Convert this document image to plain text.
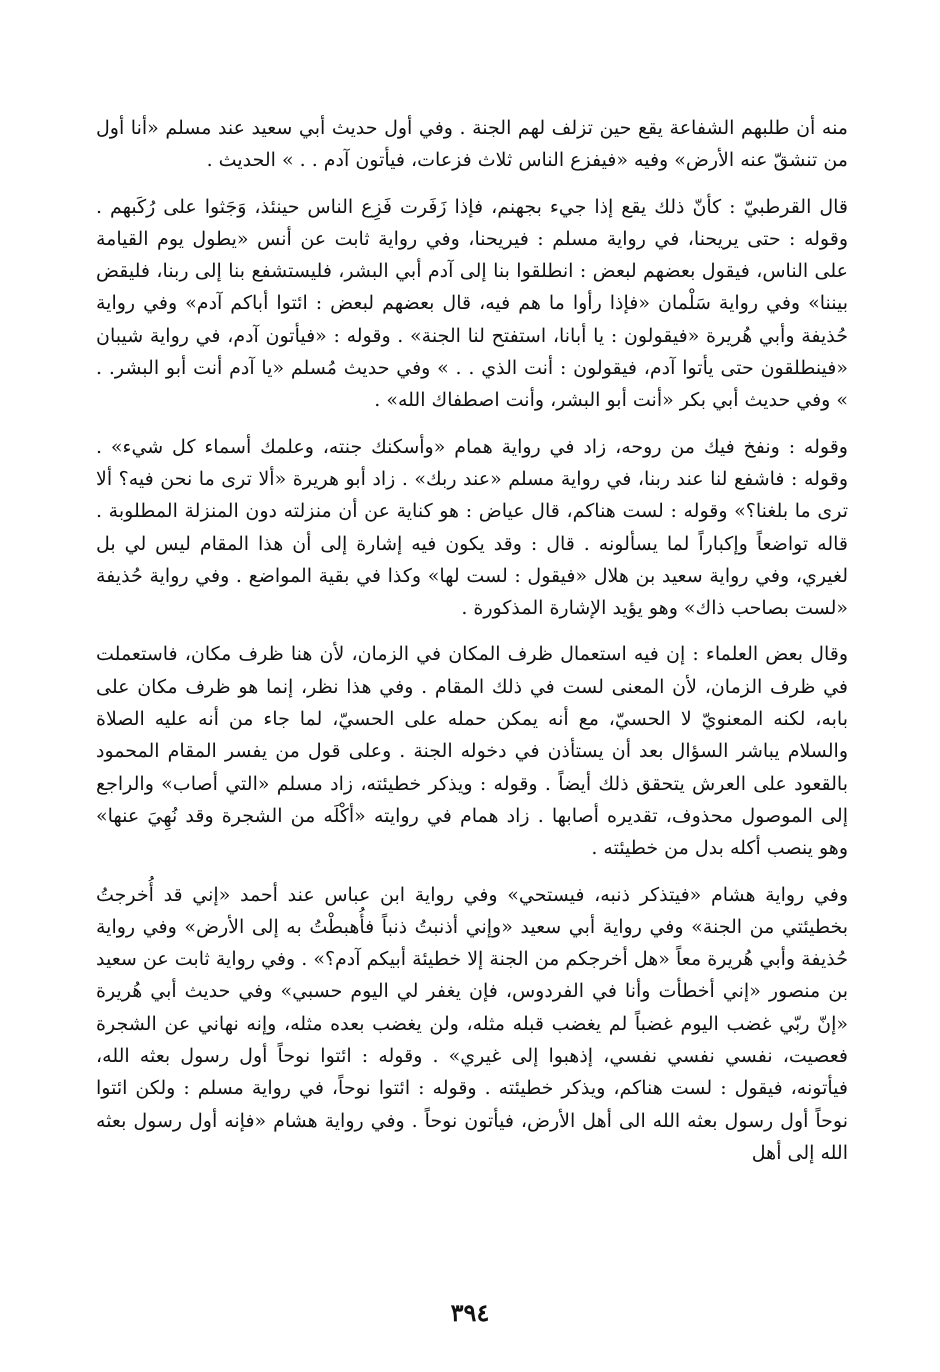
منه أن طلبهم الشفاعة يقع حين تزلف لهم الجنة . وفي أول حديث أبي سعيد عند مسلم «أنا أول من تنشقّ عنه الأرض» وفيه «فيفزع الناس ثلاث فزعات، فيأتون آدم . . » الحديث .

قال القرطبيّ : كأنّ ذلك يقع إذا جيء بجهنم، فإذا زَفَرت فَزِع الناس حينئذ، وَجَثوا على رُكَبهم . وقوله : حتى يريحنا، في رواية مسلم : فيريحنا، وفي رواية ثابت عن أنس «يطول يوم القيامة على الناس، فيقول بعضهم لبعض : انطلقوا بنا إلى آدم أبي البشر، فليستشفع بنا إلى ربنا، فليقض بيننا» وفي رواية سَلْمان «فإذا رأوا ما هم فيه، قال بعضهم لبعض : ائتوا أباكم آدم» وفي رواية حُذيفة وأبي هُريرة «فيقولون : يا أبانا، استفتح لنا الجنة» . وقوله : «فيأتون آدم، في رواية شيبان «فينطلقون حتى يأتوا آدم، فيقولون : أنت الذي . . » وفي حديث مُسلم «يا آدم أنت أبو البشر. . » وفي حديث أبي بكر «أنت أبو البشر، وأنت اصطفاك الله» .

وقوله : ونفخ فيك من روحه، زاد في رواية همام «وأسكنك جنته، وعلمك أسماء كل شيء» . وقوله : فاشفع لنا عند ربنا، في رواية مسلم «عند ربك» . زاد أبو هريرة «ألا ترى ما نحن فيه؟ ألا ترى ما بلغنا؟» وقوله : لست هناكم، قال عياض : هو كناية عن أن منزلته دون المنزلة المطلوبة . قاله تواضعاً وإكباراً لما يسألونه . قال : وقد يكون فيه إشارة إلى أن هذا المقام ليس لي بل لغيري، وفي رواية سعيد بن هلال «فيقول : لست لها» وكذا في بقية المواضع . وفي رواية حُذيفة «لست بصاحب ذاك» وهو يؤيد الإشارة المذكورة .

وقال بعض العلماء : إن فيه استعمال ظرف المكان في الزمان، لأن هنا ظرف مكان، فاستعملت في ظرف الزمان، لأن المعنى لست في ذلك المقام . وفي هذا نظر، إنما هو ظرف مكان على بابه، لكنه المعنويّ لا الحسيّ، مع أنه يمكن حمله على الحسيّ، لما جاء من أنه عليه الصلاة والسلام يباشر السؤال بعد أن يستأذن في دخوله الجنة . وعلى قول من يفسر المقام المحمود بالقعود على العرش يتحقق ذلك أيضاً . وقوله : ويذكر خطيئته، زاد مسلم «التي أصاب» والراجع إلى الموصول محذوف، تقديره أصابها . زاد همام في روايته «أكْلَه من الشجرة وقد نُهِيَ عنها» وهو ينصب أكله بدل من خطيئته .

وفي رواية هشام «فيتذكر ذنبه، فيستحي» وفي رواية ابن عباس عند أحمد «إني قد أُخرجتُ بخطيئتي من الجنة» وفي رواية أبي سعيد «وإني أذنبتُ ذنباً فأُهبطْتُ به إلى الأرض» وفي رواية حُذيفة وأبي هُريرة معاً «هل أخرجكم من الجنة إلا خطيئة أبيكم آدم؟» . وفي رواية ثابت عن سعيد بن منصور «إني أخطأت وأنا في الفردوس، فإن يغفر لي اليوم حسبي» وفي حديث أبي هُريرة «إنّ ربّي غضب اليوم غضباً لم يغضب قبله مثله، ولن يغضب بعده مثله، وإنه نهاني عن الشجرة فعصيت، نفسي نفسي نفسي، إذهبوا إلى غيري» . وقوله : ائتوا نوحاً أول رسول بعثه الله، فيأتونه، فيقول : لست هناكم، ويذكر خطيئته . وقوله : ائتوا نوحاً، في رواية مسلم : ولكن ائتوا نوحاً أول رسول بعثه الله الى أهل الأرض، فيأتون نوحاً . وفي رواية هشام «فإنه أول رسول بعثه الله إلى أهل

٣٩٤
